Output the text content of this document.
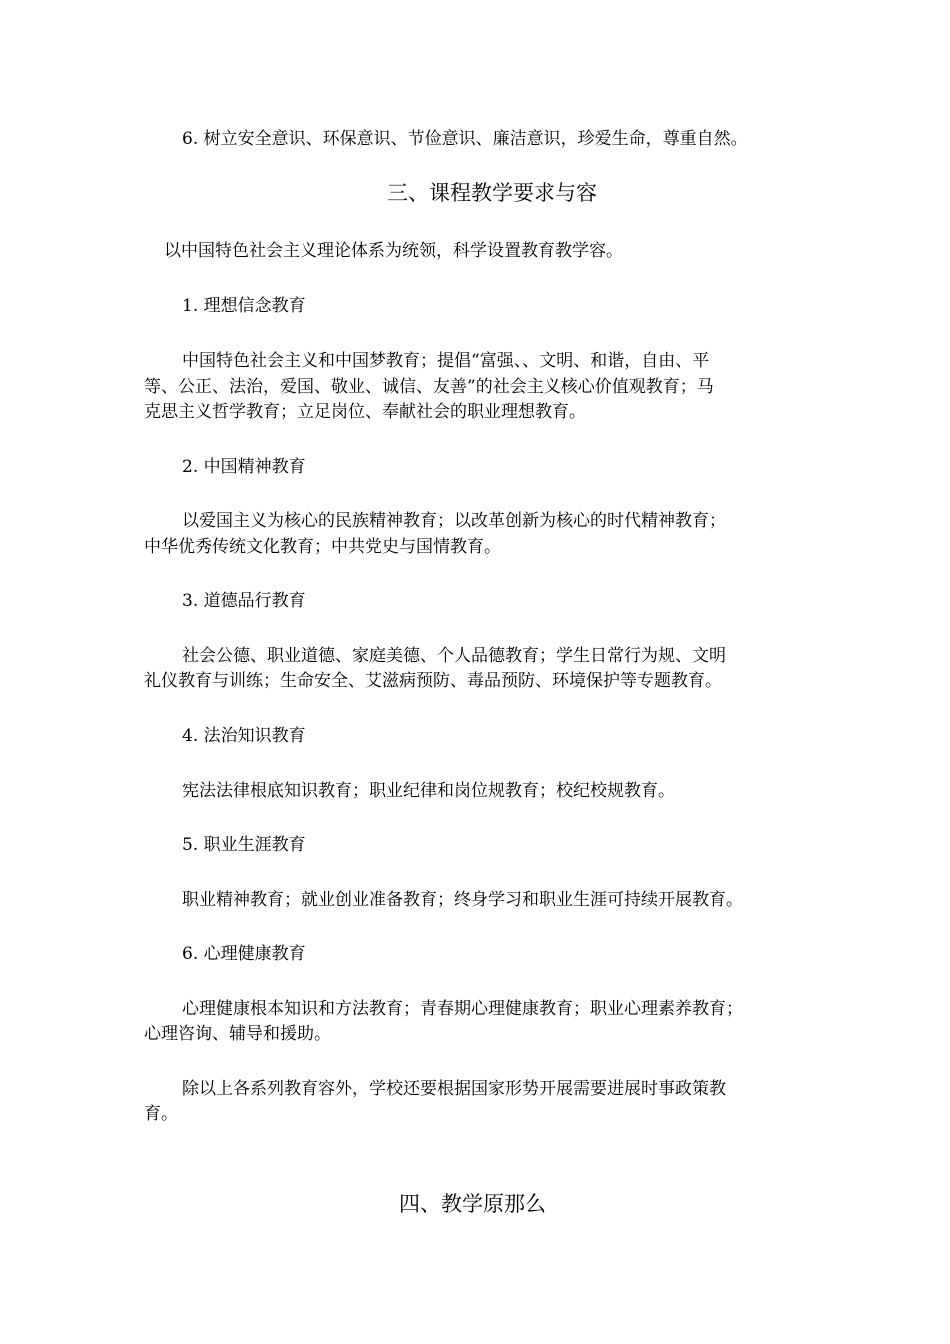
6. 树立安全意识、环保意识、节俭意识、廉洁意识，珍爱生命，尊重自然。
三、课程教学要求与容
以中国特色社会主义理论体系为统领，科学设置教育教学容。
1. 理想信念教育
中国特色社会主义和中国梦教育；提倡“富强、、文明、和谐，自由、平
等、公正、法治，爱国、敬业、诚信、友善”的社会主义核心价值观教育；马
克思主义哲学教育；立足岗位、奉献社会的职业理想教育。
2. 中国精神教育
以爱国主义为核心的民族精神教育；以改革创新为核心的时代精神教育；
中华优秀传统文化教育；中共党史与国情教育。
3. 道德品行教育
社会公德、职业道德、家庭美德、个人品德教育；学生日常行为规、文明
礼仪教育与训练；生命安全、艾滋病预防、毒品预防、环境保护等专题教育。
4. 法治知识教育
宪法法律根底知识教育；职业纪律和岗位规教育；校纪校规教育。
5. 职业生涯教育
职业精神教育；就业创业准备教育；终身学习和职业生涯可持续开展教育。
6. 心理健康教育
心理健康根本知识和方法教育；青春期心理健康教育；职业心理素养教育；
心理咨询、辅导和援助。
除以上各系列教育容外，学校还要根据国家形势开展需要进展时事政策教
育。
四、教学原那么
